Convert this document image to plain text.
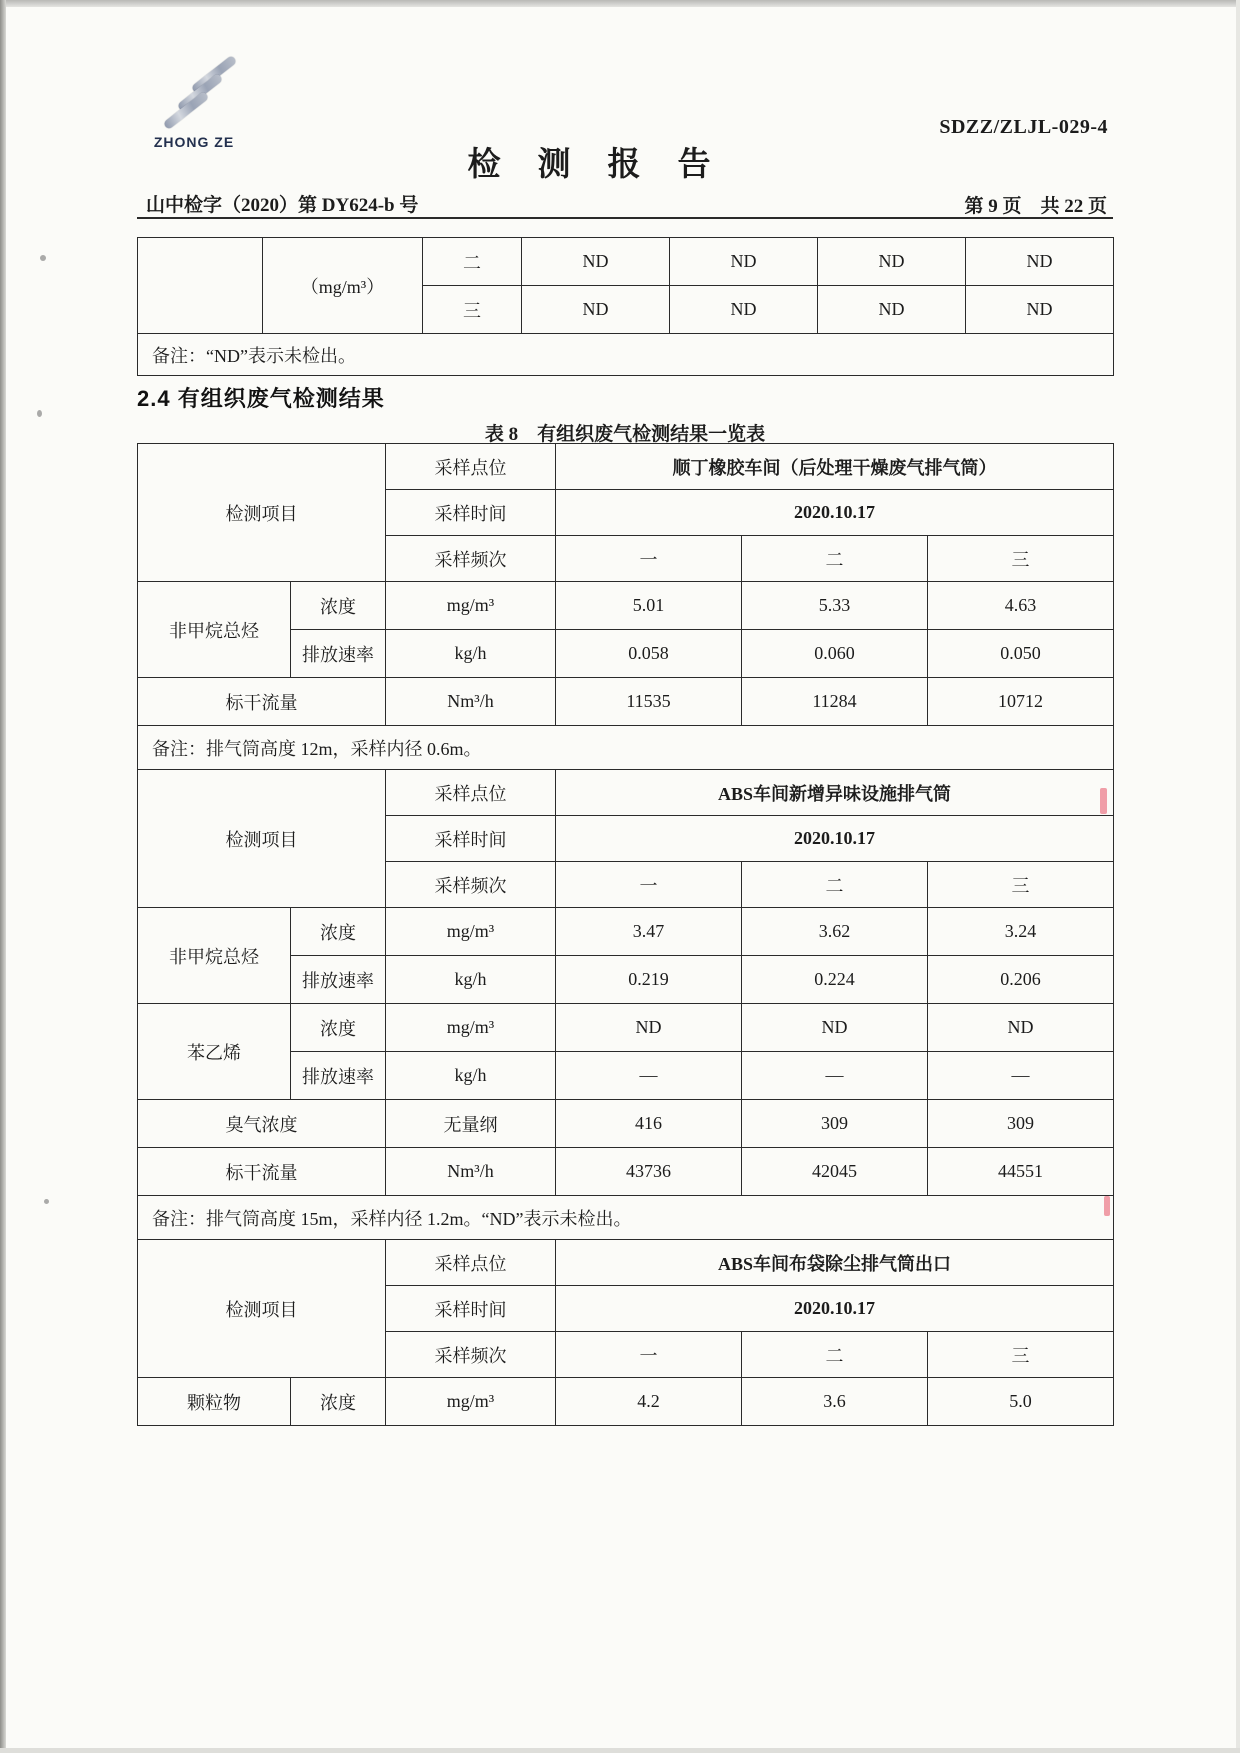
ZHONG ZE
SDZZ/ZLJL-029-4
检　测　报　告
山中检字（2020）第 DY624-b 号	第 9 页　共 22 页
	（mg/m³）	二	ND	ND	ND	ND
		三	ND	ND	ND	ND
备注：“ND”表示未检出。						
2.4 有组织废气检测结果
表 8　有组织废气检测结果一览表
检测项目		采样点位	顺丁橡胶车间（后处理干燥废气排气筒）		
		采样时间	2020.10.17		
		采样频次	一	二	三
非甲烷总烃	浓度	mg/m³	5.01	5.33	4.63
	排放速率	kg/h	0.058	0.060	0.050
标干流量		Nm³/h	11535	11284	10712
备注：排气筒高度 12m，采样内径 0.6m。					
检测项目		采样点位	ABS车间新增异味设施排气筒		
		采样时间	2020.10.17		
		采样频次	一	二	三
非甲烷总烃	浓度	mg/m³	3.47	3.62	3.24
	排放速率	kg/h	0.219	0.224	0.206
苯乙烯	浓度	mg/m³	ND	ND	ND
	排放速率	kg/h	—	—	—
臭气浓度		无量纲	416	309	309
标干流量		Nm³/h	43736	42045	44551
备注：排气筒高度 15m，采样内径 1.2m。“ND”表示未检出。					
检测项目		采样点位	ABS车间布袋除尘排气筒出口		
		采样时间	2020.10.17		
		采样频次	一	二	三
颗粒物	浓度	mg/m³	4.2	3.6	5.0
